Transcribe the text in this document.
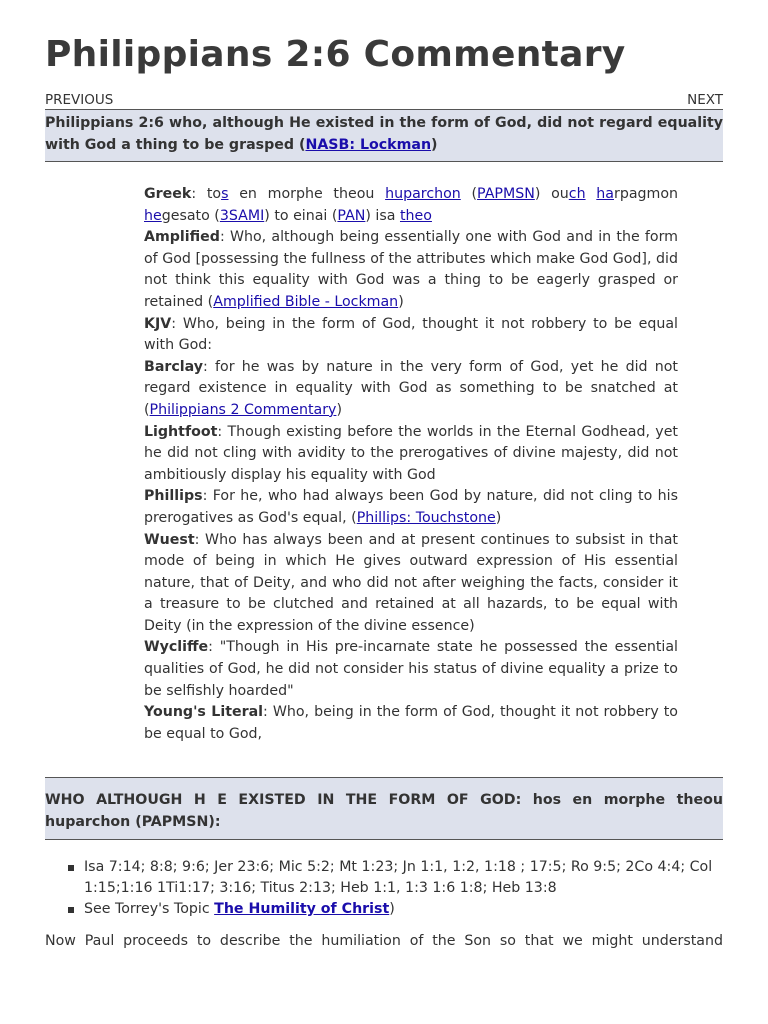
Philippians 2:6 Commentary
PREVIOUS	NEXT
Philippians 2:6 who, although He existed in the form of God, did not regard equality with God a thing to be grasped (NASB: Lockman)
Greek: tos en morphe theou huparchon (PAPMSN) ouch harpagmon hegesato (3SAMI) to einai (PAN) isa theo
Amplified: Who, although being essentially one with God and in the form of God [possessing the fullness of the attributes which make God God], did not think this equality with God was a thing to be eagerly grasped or retained (Amplified Bible - Lockman)
KJV: Who, being in the form of God, thought it not robbery to be equal with God:
Barclay: for he was by nature in the very form of God, yet he did not regard existence in equality with God as something to be snatched at (Philippians 2 Commentary)
Lightfoot: Though existing before the worlds in the Eternal Godhead, yet he did not cling with avidity to the prerogatives of divine majesty, did not ambitiously display his equality with God
Phillips: For he, who had always been God by nature, did not cling to his prerogatives as God's equal, (Phillips: Touchstone)
Wuest: Who has always been and at present continues to subsist in that mode of being in which He gives outward expression of His essential nature, that of Deity, and who did not after weighing the facts, consider it a treasure to be clutched and retained at all hazards, to be equal with Deity (in the expression of the divine essence)
Wycliffe: "Though in His pre-incarnate state he possessed the essential qualities of God, he did not consider his status of divine equality a prize to be selfishly hoarded"
Young's Literal: Who, being in the form of God, thought it not robbery to be equal to God,
WHO ALTHOUGH H E EXISTED IN THE FORM OF GOD: hos en morphe theou huparchon (PAPMSN):
Isa 7:14; 8:8; 9:6; Jer 23:6; Mic 5:2; Mt 1:23; Jn 1:1, 1:2, 1:18 ; 17:5; Ro 9:5; 2Co 4:4; Col 1:15;1:16 1Ti1:17; 3:16; Titus 2:13; Heb 1:1, 1:3 1:6 1:8; Heb 13:8
See Torrey's Topic The Humility of Christ)

Now Paul proceeds to describe the humiliation of the Son so that we might understand
